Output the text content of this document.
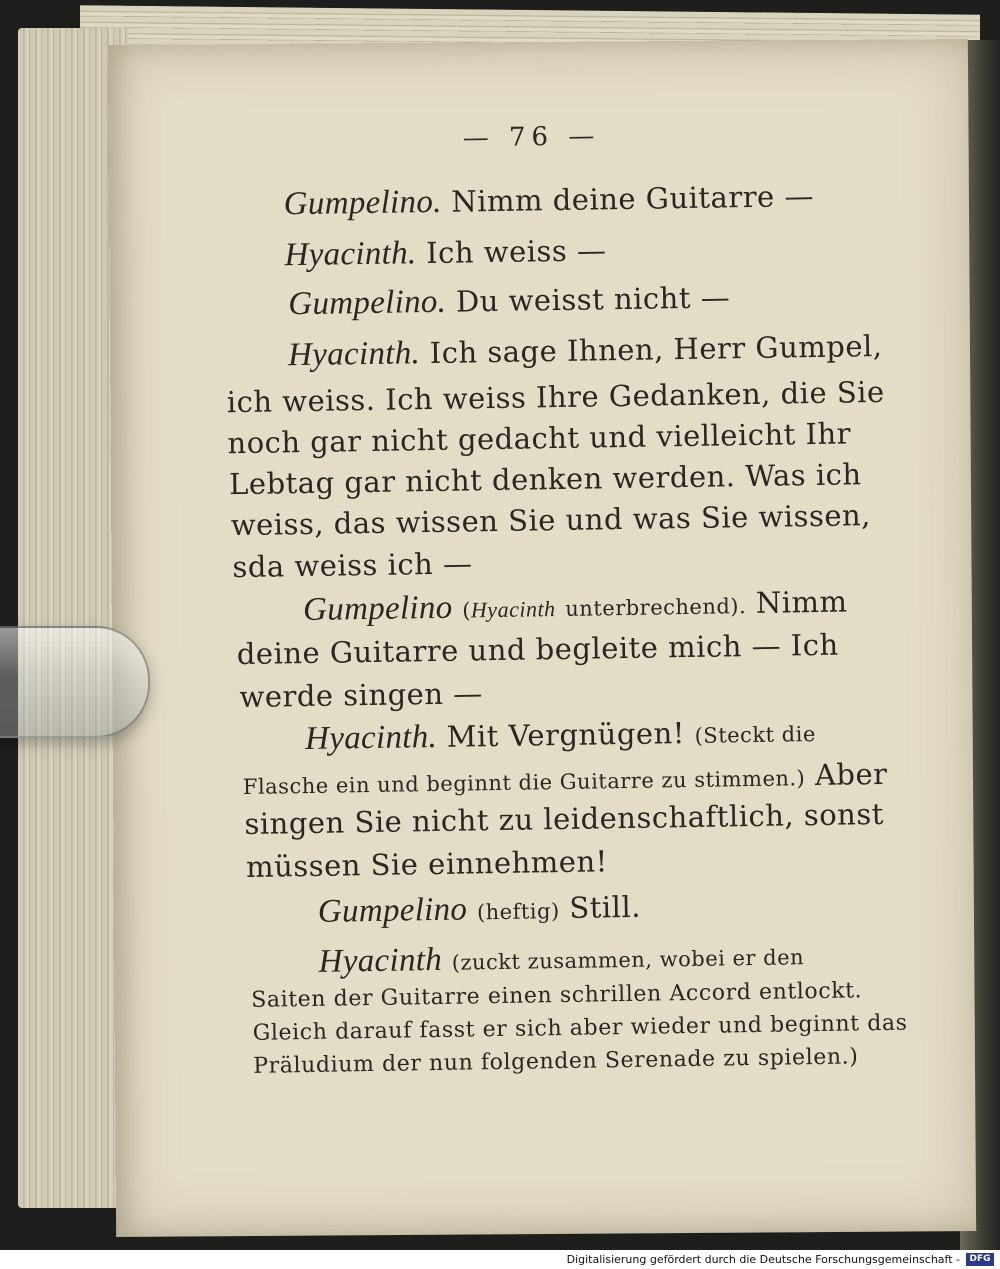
— 76 —
Gumpelino. Nimm deine Guitarre —
Hyacinth. Ich weiss —
Gumpelino. Du weisst nicht —
Hyacinth. Ich sage Ihnen, Herr Gumpel,
ich weiss. Ich weiss Ihre Gedanken, die Sie
noch gar nicht gedacht und vielleicht Ihr
Lebtag gar nicht denken werden. Was ich
weiss, das wissen Sie und was Sie wissen,
sda weiss ich —
Gumpelino (Hyacinth unterbrechend). Nimm
deine Guitarre und begleite mich — Ich
werde singen —
Hyacinth. Mit Vergnügen! (Steckt die
Flasche ein und beginnt die Guitarre zu stimmen.) Aber
singen Sie nicht zu leidenschaftlich, sonst
müssen Sie einnehmen!
Gumpelino (heftig) Still.
Hyacinth (zuckt zusammen, wobei er den
Saiten der Guitarre einen schrillen Accord entlockt.
Gleich darauf fasst er sich aber wieder und beginnt das
Präludium der nun folgenden Serenade zu spielen.)
Digitalisierung gefördert durch die Deutsche Forschungsgemeinschaft -	DFG
